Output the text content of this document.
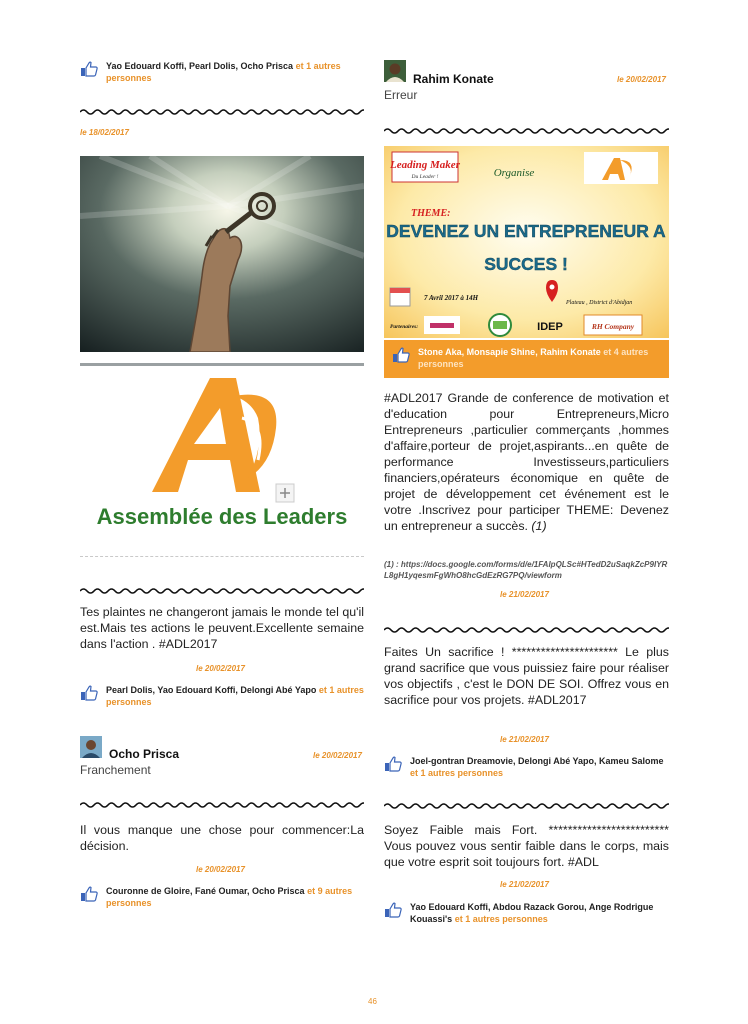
Yao Edouard Koffi, Pearl Dolis, Ocho Prisca et 1 autres personnes
le 18/02/2017
Assemblée des Leaders
Tes plaintes ne changeront jamais le monde tel qu'il est.Mais tes actions le peuvent.Excellente semaine dans l'action . #ADL2017
le 20/02/2017
Pearl Dolis, Yao Edouard Koffi, Delongi Abé Yapo et 1 autres personnes
Ocho Prisca	le 20/02/2017
Franchement
Il vous manque une chose pour commencer:La décision.
le 20/02/2017
Couronne de Gloire, Fané Oumar, Ocho Prisca et 9 autres personnes
Rahim Konate	le 20/02/2017
Erreur
Leading Maker
Du Leader !	Organise
THEME:
DEVENEZ UN ENTREPRENEUR A
SUCCES !
7 Avril 2017 à 14H
Plateau , District d'Abidjan
Partenaires:	IDEP	RH Company
Stone Aka, Monsapie Shine, Rahim Konate et 4 autres personnes
#ADL2017 Grande de conference de motivation et d'education pour Entrepreneurs,Micro Entrepreneurs ,particulier commerçants ,hommes d'affaire,porteur de projet,aspirants...en quête de performance Investisseurs,particuliers financiers,opérateurs économique en quête de projet de développement cet événement est le votre .Inscrivez pour participer THEME: Devenez un entrepreneur a succès. (1)
(1) : https://docs.google.com/forms/d/e/1FAIpQLSc#HTedD2uSaqkZcP9IYRL8gH1yqesmFgWhO8hcGdEzRG7PQ/viewform
le 21/02/2017
Faites Un sacrifice ! ********************** Le plus grand sacrifice que vous puissiez faire pour réaliser vos objectifs , c'est le DON DE SOI. Offrez vous en sacrifice pour vos projets. #ADL2017
le 21/02/2017
Joel-gontran Dreamovie, Delongi Abé Yapo, Kameu Salome et 1 autres personnes
Soyez Faible mais Fort. ************************* Vous pouvez vous sentir faible dans le corps, mais que votre esprit soit toujours fort. #ADL
le 21/02/2017
Yao Edouard Koffi, Abdou Razack Gorou, Ange Rodrigue Kouassi's et 1 autres personnes
46
